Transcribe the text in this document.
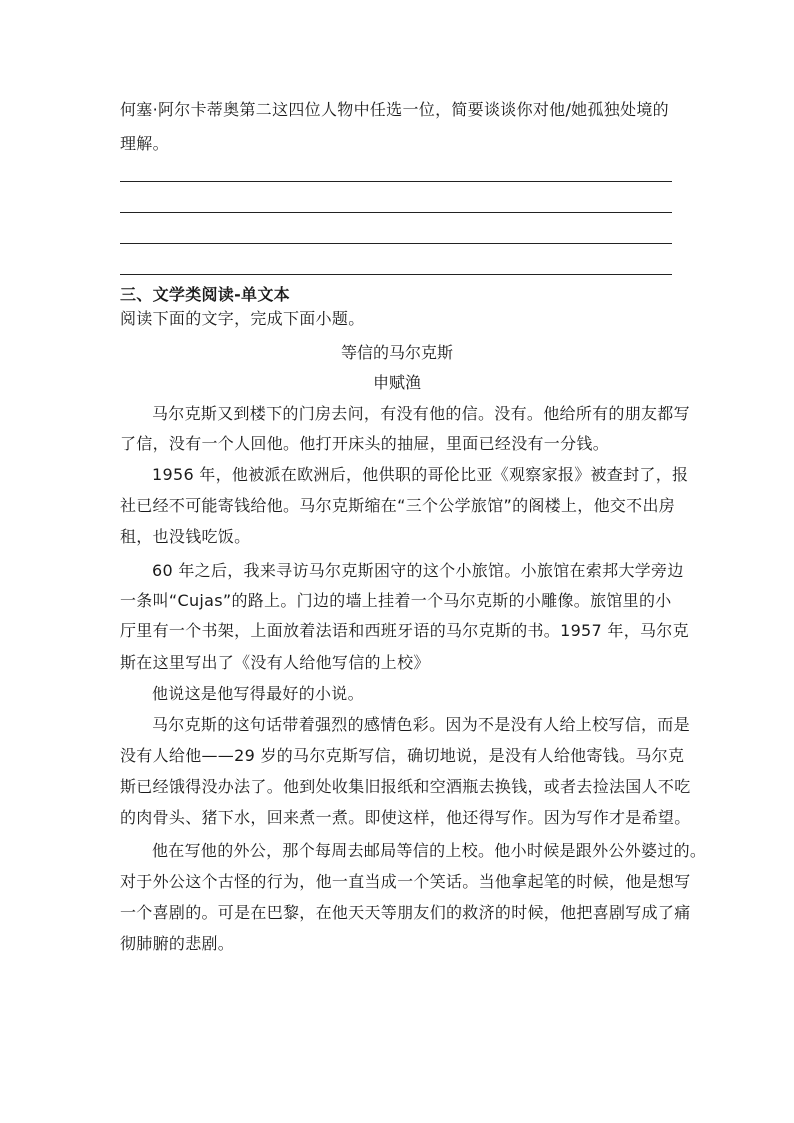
何塞·阿尔卡蒂奥第二这四位人物中任选一位，简要谈谈你对他/她孤独处境的
理解。
三、文学类阅读-单文本
阅读下面的文字，完成下面小题。
等信的马尔克斯
申赋渔
马尔克斯又到楼下的门房去问，有没有他的信。没有。他给所有的朋友都写
了信，没有一个人回他。他打开床头的抽屉，里面已经没有一分钱。
1956 年，他被派在欧洲后，他供职的哥伦比亚《观察家报》被查封了，报
社已经不可能寄钱给他。马尔克斯缩在“三个公学旅馆”的阁楼上，他交不出房
租，也没钱吃饭。
60 年之后，我来寻访马尔克斯困守的这个小旅馆。小旅馆在索邦大学旁边
一条叫“Cujas”的路上。门边的墙上挂着一个马尔克斯的小雕像。旅馆里的小
厅里有一个书架，上面放着法语和西班牙语的马尔克斯的书。1957 年，马尔克
斯在这里写出了《没有人给他写信的上校》
他说这是他写得最好的小说。
马尔克斯的这句话带着强烈的感情色彩。因为不是没有人给上校写信，而是
没有人给他——29 岁的马尔克斯写信，确切地说，是没有人给他寄钱。马尔克
斯已经饿得没办法了。他到处收集旧报纸和空酒瓶去换钱，或者去捡法国人不吃
的肉骨头、猪下水，回来煮一煮。即使这样，他还得写作。因为写作才是希望。
他在写他的外公，那个每周去邮局等信的上校。他小时候是跟外公外婆过的。
对于外公这个古怪的行为，他一直当成一个笑话。当他拿起笔的时候，他是想写
一个喜剧的。可是在巴黎，在他天天等朋友们的救济的时候，他把喜剧写成了痛
彻肺腑的悲剧。
